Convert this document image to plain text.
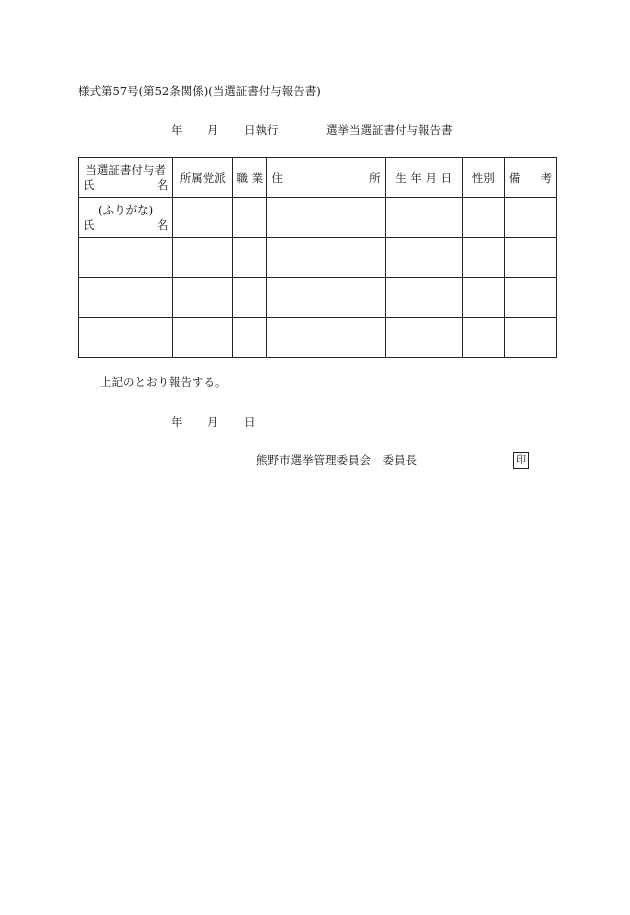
様式第57号(第52条関係)(当選証書付与報告書)
年 月 日執行	選挙当選証書付与報告書
当選証書付与者
氏 名	所属党派	職 業	住 所	生 年 月 日	性別	備 考

(ふりがな)
氏 名						

上記のとおり報告する。
年 月 日
熊野市選挙管理委員会　委員長	印
